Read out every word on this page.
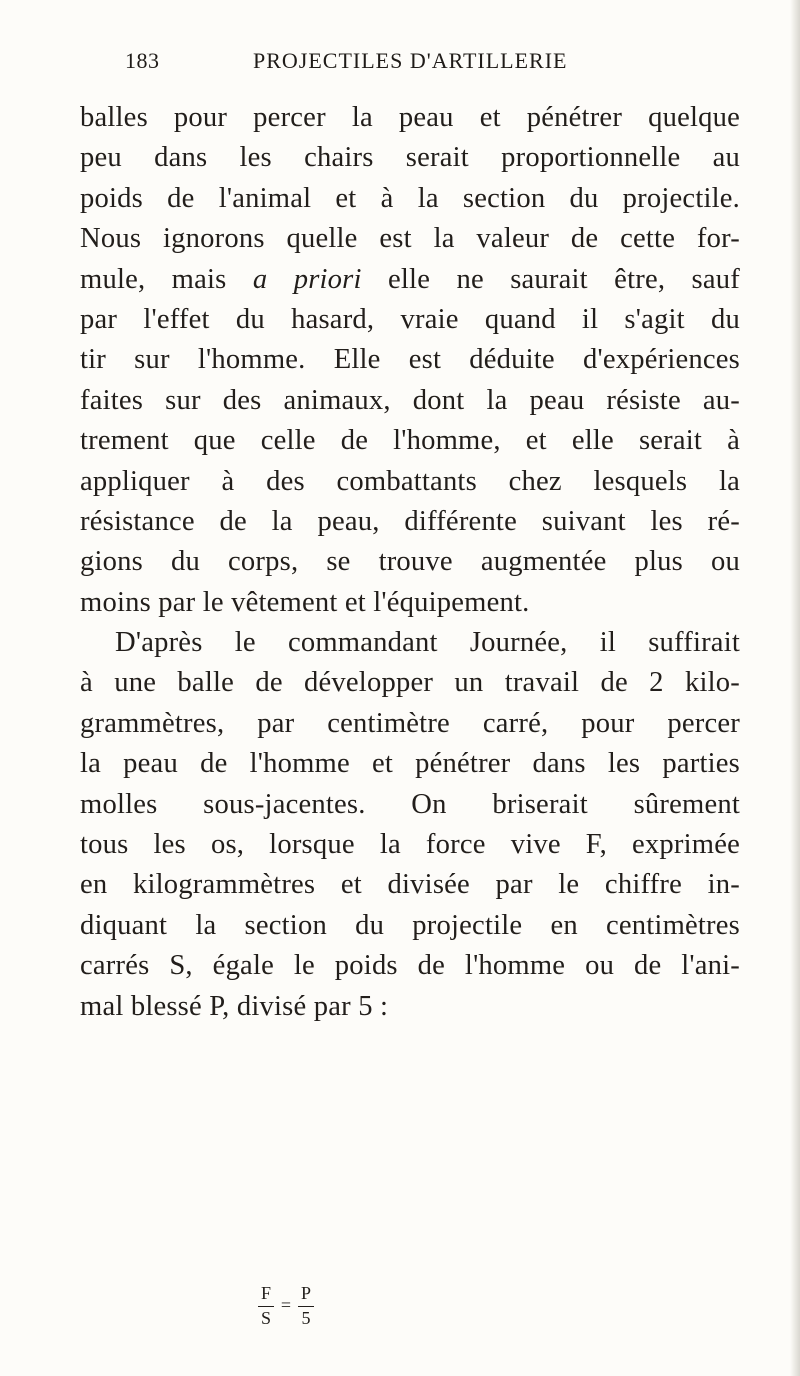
183	PROJECTILES D'ARTILLERIE
balles pour percer la peau et pénétrer quelque
peu dans les chairs serait proportionnelle au
poids de l'animal et à la section du projectile.
Nous ignorons quelle est la valeur de cette for-
mule, mais a priori elle ne saurait être, sauf
par l'effet du hasard, vraie quand il s'agit du
tir sur l'homme. Elle est déduite d'expériences
faites sur des animaux, dont la peau résiste au-
trement que celle de l'homme, et elle serait à
appliquer à des combattants chez lesquels la
résistance de la peau, différente suivant les ré-
gions du corps, se trouve augmentée plus ou
moins par le vêtement et l'équipement.
D'après le commandant Journée, il suffirait
à une balle de développer un travail de 2 kilo-
grammètres, par centimètre carré, pour percer
la peau de l'homme et pénétrer dans les parties
molles sous-jacentes. On briserait sûrement
tous les os, lorsque la force vive F, exprimée
en kilogrammètres et divisée par le chiffre in-
diquant la section du projectile en centimètres
carrés S, égale le poids de l'homme ou de l'ani-
mal blessé P, divisé par 5 :
F
S
=
P
5
